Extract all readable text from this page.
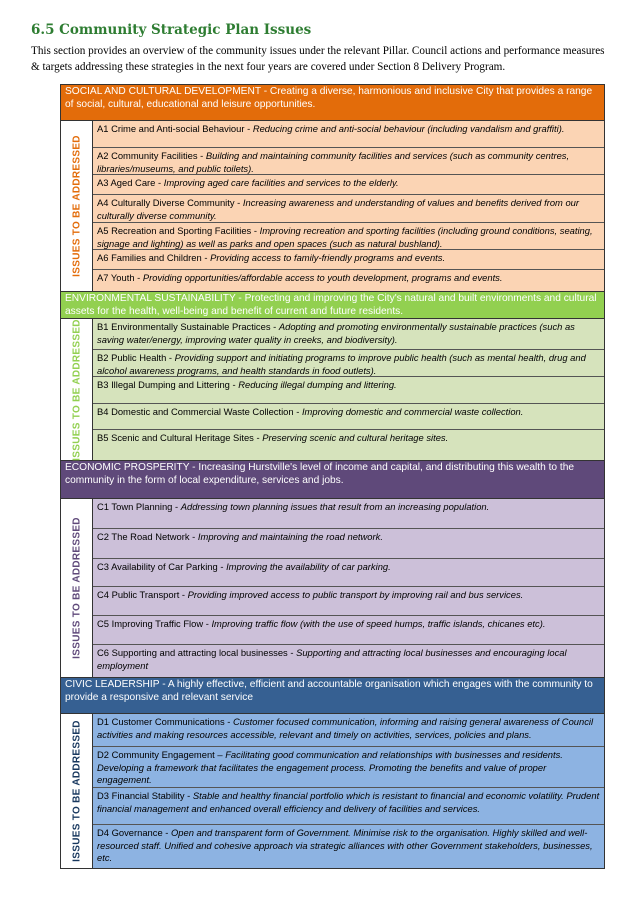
6.5 Community Strategic Plan Issues
This section provides an overview of the community issues under the relevant Pillar. Council actions and performance measures & targets addressing these strategies in the next four years are covered under Section 8 Delivery Program.
SOCIAL AND CULTURAL DEVELOPMENT - Creating a diverse, harmonious and inclusive City that provides a range of social, cultural, educational and leisure opportunities.
ISSUES TO BE ADDRESSED
A1 Crime and Anti-social Behaviour - Reducing crime and anti-social behaviour (including vandalism and graffiti).
A2 Community Facilities - Building and maintaining community facilities and services (such as community centres, libraries/museums, and public toilets).
A3 Aged Care - Improving aged care facilities and services to the elderly.
A4 Culturally Diverse Community - Increasing awareness and understanding of values and benefits derived from our culturally diverse community.
A5 Recreation and Sporting Facilities - Improving recreation and sporting facilities (including ground conditions, seating, signage and lighting) as well as parks and open spaces (such as natural bushland).
A6 Families and Children - Providing access to family-friendly programs and events.
A7 Youth - Providing opportunities/affordable access to youth development, programs and events.
ENVIRONMENTAL SUSTAINABILITY - Protecting and improving the City's natural and built environments and cultural assets for the health, well-being and benefit of current and future residents.
ISSUES TO BE ADDRESSED	B1 Environmentally Sustainable Practices - Adopting and promoting environmentally sustainable practices (such as saving water/energy, improving water quality in creeks, and biodiversity).
B2 Public Health - Providing support and initiating programs to improve public health (such as mental health, drug and alcohol awareness programs, and health standards in food outlets).
B3 Illegal Dumping and Littering - Reducing illegal dumping and littering.
B4 Domestic and Commercial Waste Collection - Improving domestic and commercial waste collection.
B5 Scenic and Cultural Heritage Sites - Preserving scenic and cultural heritage sites.
ECONOMIC PROSPERITY - Increasing Hurstville's level of income and capital, and distributing this wealth to the community in the form of local expenditure, services and jobs.
ISSUES TO BE ADDRESSED
C1 Town Planning - Addressing town planning issues that result from an increasing population.
C2 The Road Network - Improving and maintaining the road network.
C3 Availability of Car Parking - Improving the availability of car parking.
C4 Public Transport - Providing improved access to public transport by improving rail and bus services.
C5 Improving Traffic Flow - Improving traffic flow (with the use of speed humps, traffic islands, chicanes etc).
C6 Supporting and attracting local businesses - Supporting and attracting local businesses and encouraging local employment
CIVIC LEADERSHIP - A highly effective, efficient and accountable organisation which engages with the community to provide a responsive and relevant service
ISSUES TO BE ADDRESSED	D1 Customer Communications - Customer focused communication, informing and raising general awareness of Council activities and making resources accessible, relevant and timely on activities, services, policies and plans.
D2 Community Engagement – Facilitating good communication and relationships with businesses and residents. Developing a framework that facilitates the engagement process. Promoting the benefits and value of proper engagement.
D3 Financial Stability - Stable and healthy financial portfolio which is resistant to financial and economic volatility. Prudent financial management and enhanced overall efficiency and delivery of facilities and services.
D4 Governance - Open and transparent form of Government. Minimise risk to the organisation. Highly skilled and well-resourced staff. Unified and cohesive approach via strategic alliances with other Government stakeholders, businesses, etc.
